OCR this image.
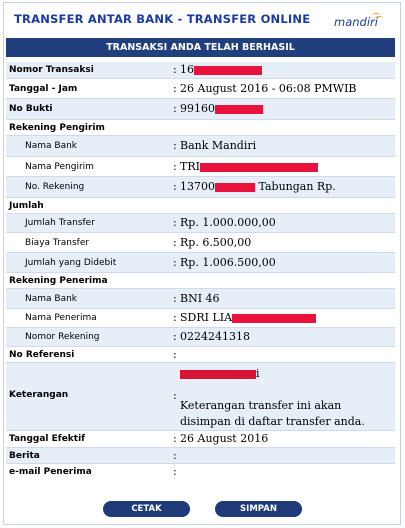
TRANSFER ANTAR BANK - TRANSFER ONLINE mandiri
TRANSAKSI ANDA TELAH BERHASIL
Nomor Transaksi	: 16
Tanggal - Jam	: 26 August 2016 - 06:08 PMWIB
No Bukti	: 99160
Rekening Pengirim
Nama Bank	: Bank Mandiri
Nama Pengirim	: TRI
No. Rekening	: 13700	Tabungan Rp.
Jumlah
Jumlah Transfer	: Rp. 1.000.000,00
Biaya Transfer	: Rp. 6.500,00
Jumlah yang Didebit	: Rp. 1.006.500,00
Rekening Penerima
Nama Bank	: BNI 46
Nama Penerima	: SDRI LIA
Nomor Rekening	: 0224241318
No Referensi	:
Keterangan	:
i
Keterangan transfer ini akan disimpan di daftar transfer anda.
Tanggal Efektif	: 26 August 2016
Berita	:
e-mail Penerima	:
CETAK	SIMPAN
